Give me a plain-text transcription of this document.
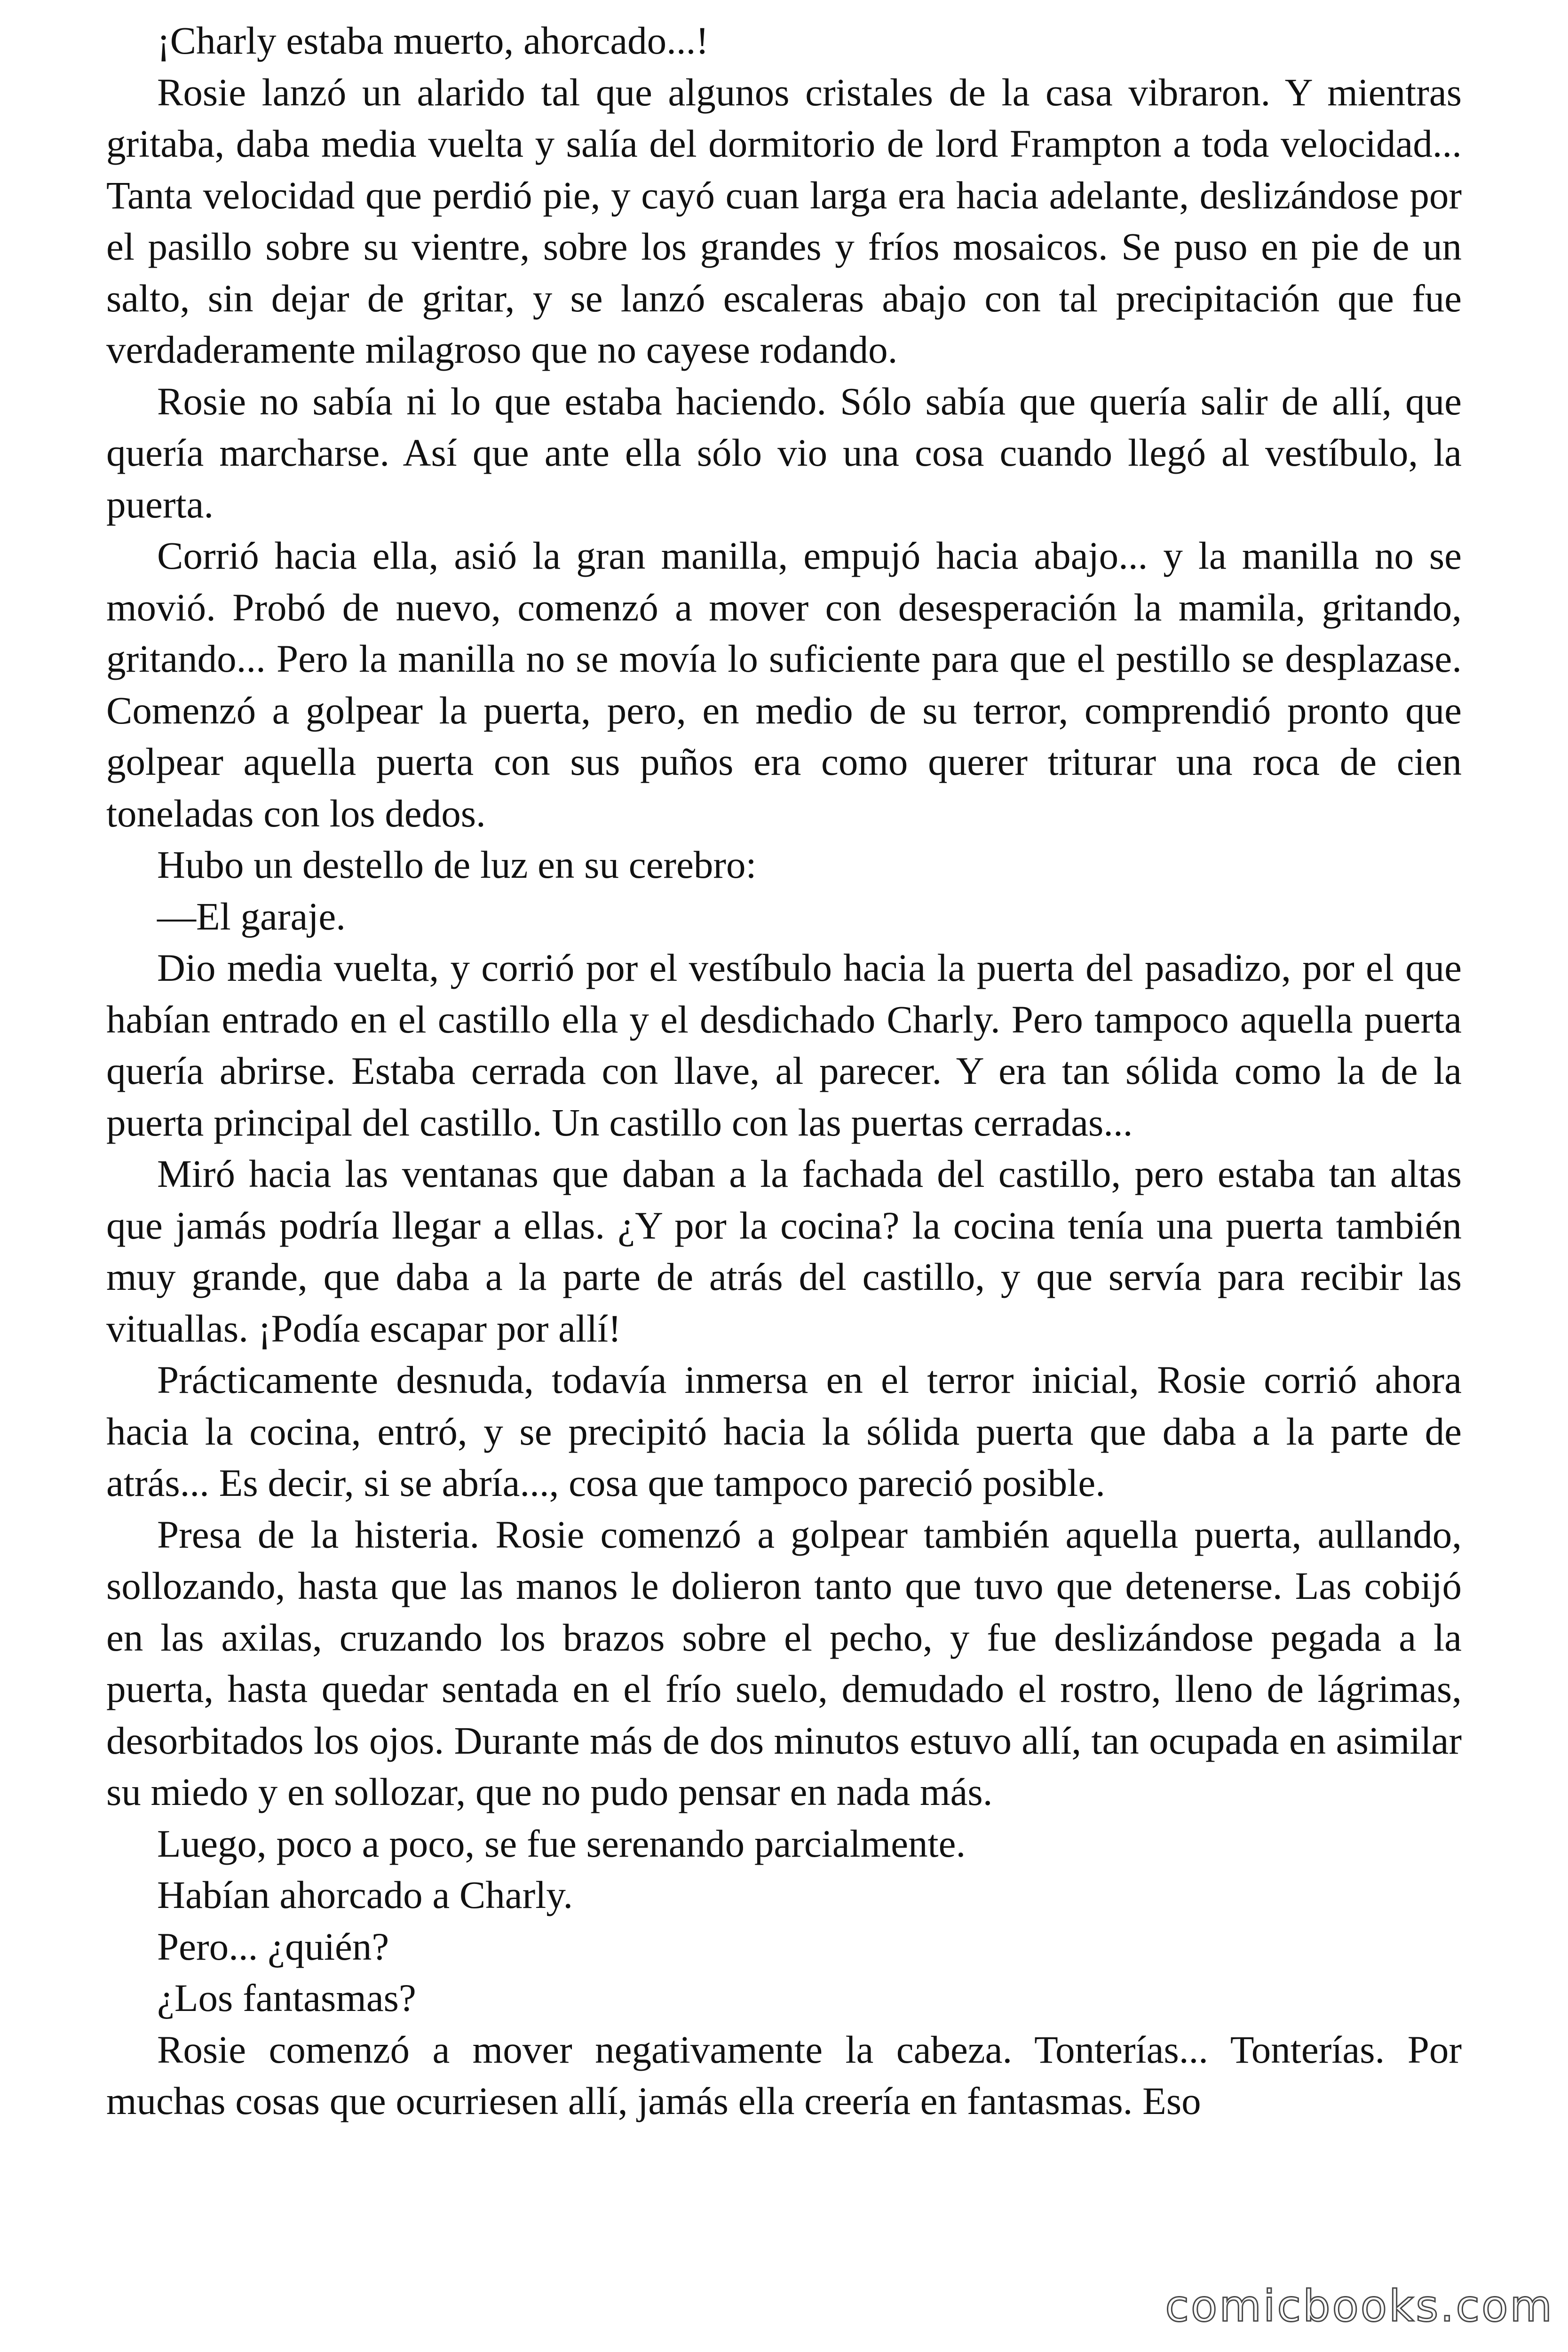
¡Charly estaba muerto, ahorcado...!

Rosie lanzó un alarido tal que algunos cristales de la casa vibraron. Y mientras gritaba, daba media vuelta y salía del dormitorio de lord Frampton a toda velocidad... Tanta velocidad que perdió pie, y cayó cuan larga era hacia adelante, deslizándose por el pasillo sobre su vientre, sobre los grandes y fríos mosaicos. Se puso en pie de un salto, sin dejar de gritar, y se lanzó escaleras abajo con tal precipitación que fue verdaderamente milagroso que no cayese rodando.

Rosie no sabía ni lo que estaba haciendo. Sólo sabía que quería salir de allí, que quería marcharse. Así que ante ella sólo vio una cosa cuando llegó al vestíbulo, la puerta.

Corrió hacia ella, asió la gran manilla, empujó hacia abajo... y la manilla no se movió. Probó de nuevo, comenzó a mover con desesperación la mamila, gritando, gritando... Pero la manilla no se movía lo suficiente para que el pestillo se desplazase. Comenzó a golpear la puerta, pero, en medio de su terror, comprendió pronto que golpear aquella puerta con sus puños era como querer triturar una roca de cien toneladas con los dedos.

Hubo un destello de luz en su cerebro:

—El garaje.

Dio media vuelta, y corrió por el vestíbulo hacia la puerta del pasadizo, por el que habían entrado en el castillo ella y el desdichado Charly. Pero tampoco aquella puerta quería abrirse. Estaba cerrada con llave, al parecer. Y era tan sólida como la de la puerta principal del castillo. Un castillo con las puertas cerradas...

Miró hacia las ventanas que daban a la fachada del castillo, pero estaba tan altas que jamás podría llegar a ellas. ¿Y por la cocina? la cocina tenía una puerta también muy grande, que daba a la parte de atrás del castillo, y que servía para recibir las vituallas. ¡Podía escapar por allí!

Prácticamente desnuda, todavía inmersa en el terror inicial, Rosie corrió ahora hacia la cocina, entró, y se precipitó hacia la sólida puerta que daba a la parte de atrás... Es decir, si se abría..., cosa que tampoco pareció posible.

Presa de la histeria. Rosie comenzó a golpear también aquella puerta, aullando, sollozando, hasta que las manos le dolieron tanto que tuvo que detenerse. Las cobijó en las axilas, cruzando los brazos sobre el pecho, y fue deslizándose pegada a la puerta, hasta quedar sentada en el frío suelo, demudado el rostro, lleno de lágrimas, desorbitados los ojos. Durante más de dos minutos estuvo allí, tan ocupada en asimilar su miedo y en sollozar, que no pudo pensar en nada más.

Luego, poco a poco, se fue serenando parcialmente.

Habían ahorcado a Charly.

Pero... ¿quién?

¿Los fantasmas?

Rosie comenzó a mover negativamente la cabeza. Tonterías... Tonterías. Por muchas cosas que ocurriesen allí, jamás ella creería en fantasmas. Eso

comicbooks.com
